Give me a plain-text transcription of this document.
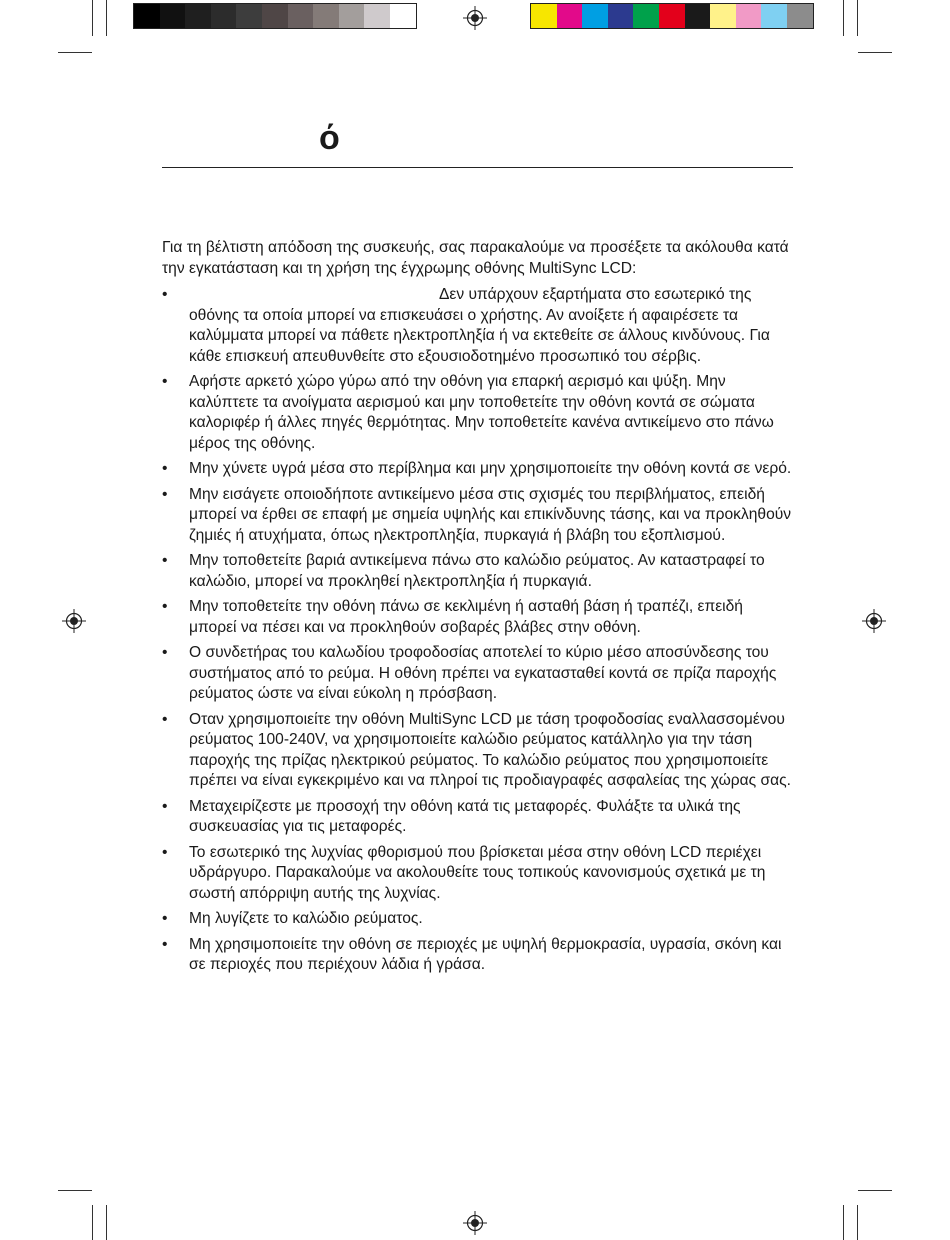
ό

Για τη βέλτιστη απόδοση της συσκευής, σας παρακαλούμε να προσέξετε τα ακόλουθα κατά την εγκατάσταση και τη χρήση της έγχρωμης οθόνης MultiSync LCD:

•	Δεν υπάρχουν εξαρτήματα στο εσωτερικό της οθόνης τα οποία μπορεί να επισκευάσει ο χρήστης. Αν ανοίξετε ή αφαιρέσετε τα καλύμματα μπορεί να πάθετε ηλεκτροπληξία ή να εκτεθείτε σε άλλους κινδύνους. Για κάθε επισκευή απευθυνθείτε στο εξουσιοδοτημένο προσωπικό του σέρβις.
• Αφήστε αρκετό χώρο γύρω από την οθόνη για επαρκή αερισμό και ψύξη. Μην καλύπτετε τα ανοίγματα αερισμού και μην τοποθετείτε την οθόνη κοντά σε σώματα καλοριφέρ ή άλλες πηγές θερμότητας. Μην τοποθετείτε κανένα αντικείμενο στο πάνω μέρος της οθόνης.
• Μην χύνετε υγρά μέσα στο περίβλημα και μην χρησιμοποιείτε την οθόνη κοντά σε νερό.
• Μην εισάγετε οποιοδήποτε αντικείμενο μέσα στις σχισμές του περιβλήματος, επειδή μπορεί να έρθει σε επαφή με σημεία υψηλής και επικίνδυνης τάσης, και να προκληθούν ζημιές ή ατυχήματα, όπως ηλεκτροπληξία, πυρκαγιά ή βλάβη του εξοπλισμού.
• Μην τοποθετείτε βαριά αντικείμενα πάνω στο καλώδιο ρεύματος. Αν καταστραφεί το καλώδιο, μπορεί να προκληθεί ηλεκτροπληξία ή πυρκαγιά.
• Μην τοποθετείτε την οθόνη πάνω σε κεκλιμένη ή ασταθή βάση ή τραπέζι, επειδή μπορεί να πέσει και να προκληθούν σοβαρές βλάβες στην οθόνη.
• Ο συνδετήρας του καλωδίου τροφοδοσίας αποτελεί το κύριο μέσο αποσύνδεσης του συστήματος από το ρεύμα. Η οθόνη πρέπει να εγκατασταθεί κοντά σε πρίζα παροχής ρεύματος ώστε να είναι εύκολη η πρόσβαση.
• Οταν χρησιμοποιείτε την οθόνη MultiSync LCD με τάση τροφοδοσίας εναλλασσομένου ρεύματος 100-240V, να χρησιμοποιείτε καλώδιο ρεύματος κατάλληλο για την τάση παροχής της πρίζας ηλεκτρικού ρεύματος. Το καλώδιο ρεύματος που χρησιμοποιείτε πρέπει να είναι εγκεκριμένο και να πληροί τις προδιαγραφές ασφαλείας της χώρας σας.
• Μεταχειρίζεστε με προσοχή την οθόνη κατά τις μεταφορές. Φυλάξτε τα υλικά της συσκευασίας για τις μεταφορές.
• Το εσωτερικό της λυχνίας φθορισμού που βρίσκεται μέσα στην οθόνη LCD περιέχει υδράργυρο. Παρακαλούμε να ακολουθείτε τους τοπικούς κανονισμούς σχετικά με τη σωστή απόρριψη αυτής της λυχνίας.
• Μη λυγίζετε το καλώδιο ρεύματος.
• Μη χρησιμοποιείτε την οθόνη σε περιοχές με υψηλή θερμοκρασία, υγρασία, σκόνη και σε περιοχές που περιέχουν λάδια ή γράσα.
